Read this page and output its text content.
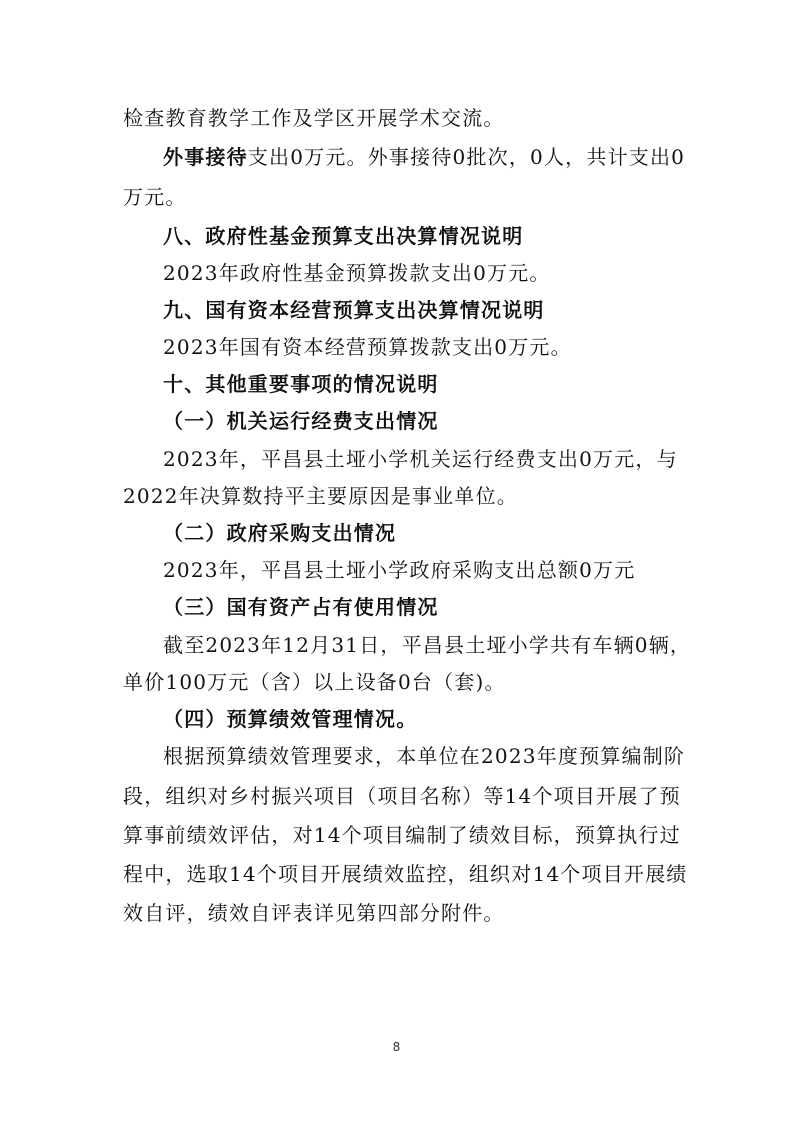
检查教育教学工作及学区开展学术交流。
外事接待支出0万元。外事接待0批次，0人，共计支出0
万元。
八、政府性基金预算支出决算情况说明
2023年政府性基金预算拨款支出0万元。
九、国有资本经营预算支出决算情况说明
2023年国有资本经营预算拨款支出0万元。
十、其他重要事项的情况说明
（一）机关运行经费支出情况
2023年，平昌县土垭小学机关运行经费支出0万元，与
2022年决算数持平主要原因是事业单位。
（二）政府采购支出情况
2023年，平昌县土垭小学政府采购支出总额0万元
（三）国有资产占有使用情况
截至2023年12月31日，平昌县土垭小学共有车辆0辆，
单价100万元（含）以上设备0台（套)。
（四）预算绩效管理情况。
根据预算绩效管理要求，本单位在2023年度预算编制阶
段，组织对乡村振兴项目（项目名称）等14个项目开展了预
算事前绩效评估，对14个项目编制了绩效目标，预算执行过
程中，选取14个项目开展绩效监控，组织对14个项目开展绩
效自评，绩效自评表详见第四部分附件。
8
